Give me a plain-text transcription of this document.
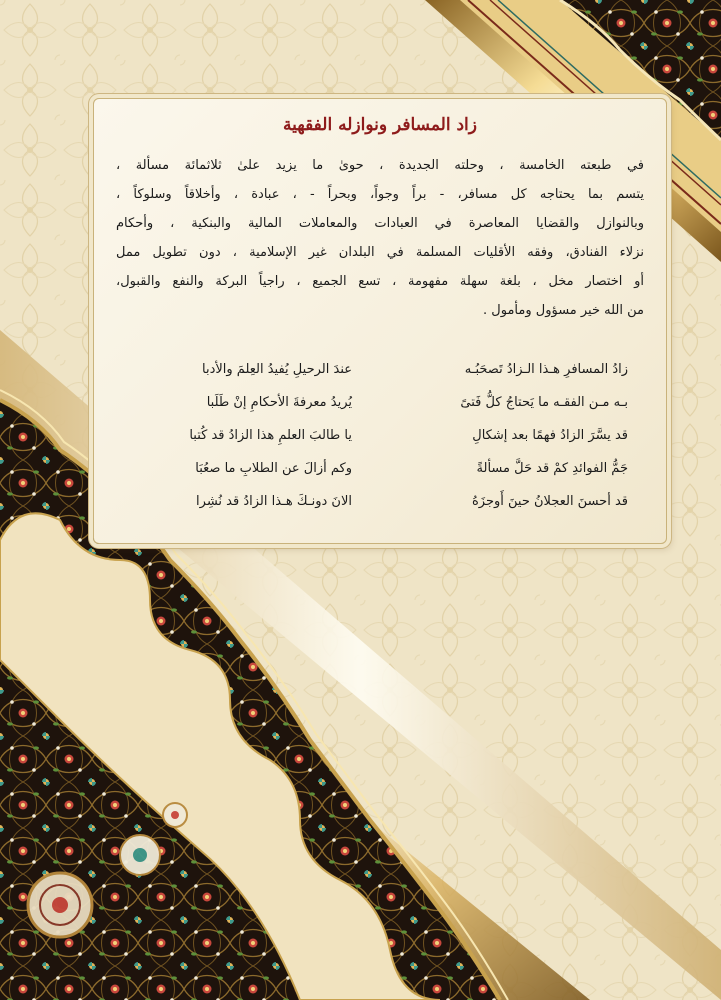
زاد المسافر ونوازله الفقهية
في طبعته الخامسة ، وحلته الجديدة ، حوىٰ ما يزيد علىٰ ثلاثمائة مسألة ،
يتسم بما يحتاجه كل مسافر، - براً وجواً، وبحراً - ، عبادة ، وأخلاقاً وسلوكاً ،
وبالنوازل والقضايا المعاصرة في العبادات والمعاملات المالية والبنكية ، وأحكام
نزلاء الفنادق، وفقه الأقليات المسلمة في البلدان غير الإسلامية ، دون تطويل ممل
أو اختصار مخل ، بلغة سهلة مفهومة ، تسع الجميع ، راجياً البركة والنفع والقبول،
من الله خير مسؤول ومأمول .
زادُ المسافرِ هـذا الـزادُ تَصحَبُـه
عندَ الرحيلِ يُفيدُ العِلمَ والأدبا
بـه مـن الفقـه ما يَحتاجُ كلُّ فَتىً
يُريدُ معرفةَ الأحكامِ إنْ طَلَبا
قد يسَّرَ الزادُ فهمًا بعد إشكالِ
يا طالبَ العلمِ هذا الزادُ قد كُتبا
جَمُّ الفوائدِ كمْ قد حَلَّ مسألةً
وكم أزالَ عن الطلابِ ما صعُبَا
قد أحسنَ العجلانُ حينَ أَوجزَهُ
الانَ دونـكَ هـذا الزادُ قد نُشِرا
